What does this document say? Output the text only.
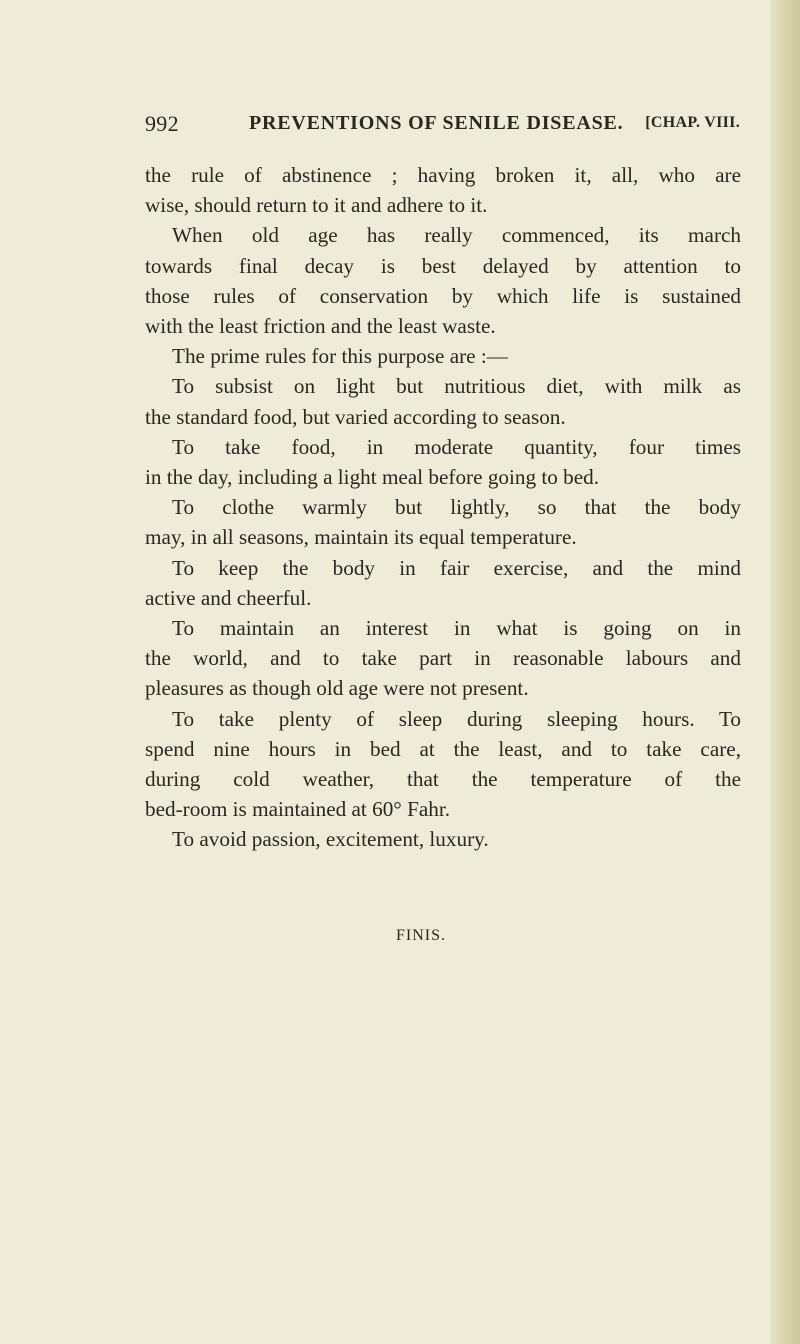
992	PREVENTIONS OF SENILE DISEASE. [CHAP. VIII.
the rule of abstinence ; having broken it, all, who are
wise, should return to it and adhere to it.
When old age has really commenced, its march
towards final decay is best delayed by attention to
those rules of conservation by which life is sustained
with the least friction and the least waste.
The prime rules for this purpose are :—
To subsist on light but nutritious diet, with milk as
the standard food, but varied according to season.
To take food, in moderate quantity, four times
in the day, including a light meal before going to bed.
To clothe warmly but lightly, so that the body
may, in all seasons, maintain its equal temperature.
To keep the body in fair exercise, and the mind
active and cheerful.
To maintain an interest in what is going on in
the world, and to take part in reasonable labours and
pleasures as though old age were not present.
To take plenty of sleep during sleeping hours. To
spend nine hours in bed at the least, and to take care,
during cold weather, that the temperature of the
bed-room is maintained at 60° Fahr.
To avoid passion, excitement, luxury.
FINIS.
